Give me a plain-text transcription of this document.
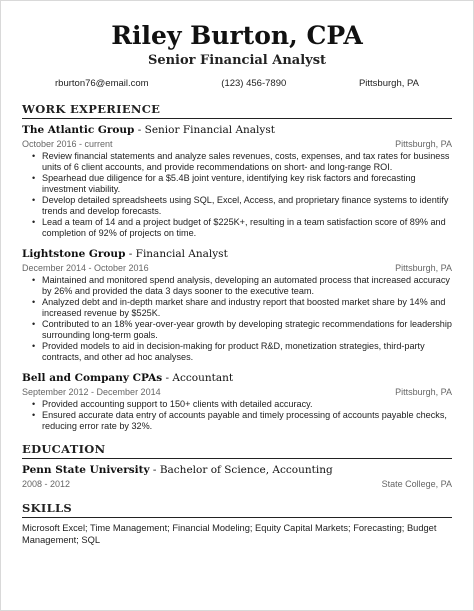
Riley Burton, CPA
Senior Financial Analyst
rburton76@email.com	(123) 456-7890	Pittsburgh, PA
WORK EXPERIENCE
The Atlantic Group - Senior Financial Analyst
October 2016 - current	Pittsburgh, PA
• Review financial statements and analyze sales revenues, costs, expenses, and tax rates for business units of 6 client accounts, and provide recommendations on short- and long-range ROI.
• Spearhead due diligence for a $5.4B joint venture, identifying key risk factors and forecasting investment viability.
• Develop detailed spreadsheets using SQL, Excel, Access, and proprietary finance systems to identify trends and develop forecasts.
• Lead a team of 14 and a project budget of $225K+, resulting in a team satisfaction score of 89% and completion of 92% of projects on time.
Lightstone Group - Financial Analyst
December 2014 - October 2016	Pittsburgh, PA
• Maintained and monitored spend analysis, developing an automated process that increased accuracy by 26% and provided the data 3 days sooner to the executive team.
• Analyzed debt and in-depth market share and industry report that boosted market share by 14% and increased revenue by $525K.
• Contributed to an 18% year-over-year growth by developing strategic recommendations for leadership surrounding long-term goals.
• Provided models to aid in decision-making for product R&D, monetization strategies, third-party contracts, and other ad hoc analyses.
Bell and Company CPAs - Accountant
September 2012 - December 2014	Pittsburgh, PA
• Provided accounting support to 150+ clients with detailed accuracy.
• Ensured accurate data entry of accounts payable and timely processing of accounts payable checks, reducing error rate by 32%.
EDUCATION
Penn State University - Bachelor of Science, Accounting
2008 - 2012	State College, PA
SKILLS
Microsoft Excel; Time Management; Financial Modeling; Equity Capital Markets; Forecasting; Budget Management; SQL
